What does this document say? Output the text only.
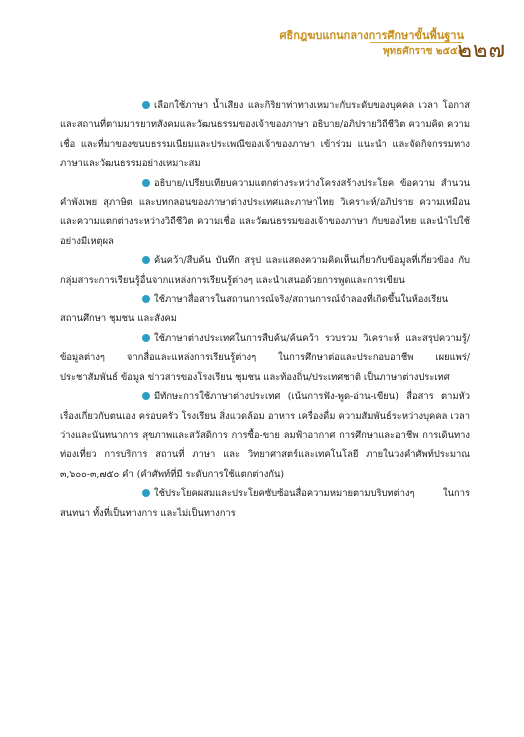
ศธิกฎฆบแกนกลางการศึกษาขั้นพื้นฐาน
พุทธศักราช ๒๕๕๑
๒๒๗

เลือกใช้ภาษา น้ำเสียง และกิริยาท่าทางเหมาะกับระดับของบุคคล เวลา โอกาสและสถานที่ตามมารยาทสังคมและวัฒนธรรมของเจ้าของภาษา อธิบาย/อภิปรายวิถีชีวิต ความคิด ความเชื่อ และที่มาของขนบธรรมเนียมและประเพณีของเจ้าของภาษา เข้าร่วม แนะนำ และจัดกิจกรรมทางภาษาและวัฒนธรรมอย่างเหมาะสม

อธิบาย/เปรียบเทียบความแตกต่างระหว่างโครงสร้างประโยค ข้อความ สำนวน คำพังเพย สุภาษิต และบทกลอนของภาษาต่างประเทศและภาษาไทย วิเคราะห์/อภิปราย ความเหมือนและความแตกต่างระหว่างวิถีชีวิต ความเชื่อ และวัฒนธรรมของเจ้าของภาษา กับของไทย และนำไปใช้อย่างมีเหตุผล

ค้นคว้า/สืบค้น บันทึก สรุป และแสดงความคิดเห็นเกี่ยวกับข้อมูลที่เกี่ยวข้อง กับกลุ่มสาระการเรียนรู้อื่นจากแหล่งการเรียนรู้ต่างๆ และนำเสนอด้วยการพูดและการเขียน

ใช้ภาษาสื่อสารในสถานการณ์จริง/สถานการณ์จำลองที่เกิดขึ้นในห้องเรียน สถานศึกษา ชุมชน และสังคม

ใช้ภาษาต่างประเทศในการสืบค้น/ค้นคว้า รวบรวม วิเคราะห์ และสรุปความรู้/ ข้อมูลต่างๆ จากสื่อและแหล่งการเรียนรู้ต่างๆ ในการศึกษาต่อและประกอบอาชีพ เผยแพร่/ประชาสัมพันธ์ ข้อมูล ข่าวสารของโรงเรียน ชุมชน และท้องถิ่น/ประเทศชาติ เป็นภาษาต่างประเทศ

มีทักษะการใช้ภาษาต่างประเทศ (เน้นการฟัง-พูด-อ่าน-เขียน) สื่อสาร ตามหัวเรื่องเกี่ยวกับตนเอง ครอบครัว โรงเรียน สิ่งแวดล้อม อาหาร เครื่องดื่ม ความสัมพันธ์ระหว่างบุคคล เวลาว่างและนันทนาการ สุขภาพและสวัสดิการ การซื้อ-ขาย ลมฟ้าอากาศ การศึกษาและอาชีพ การเดินทางท่องเที่ยว การบริการ สถานที่ ภาษา และ วิทยาศาสตร์และเทคโนโลยี ภายในวงคำศัพท์ประมาณ ๓,๖๐๐-๓,๗๕๐ คำ (คำศัพท์ที่มี ระดับการใช้แตกต่างกัน)

ใช้ประโยคผสมและประโยคซับซ้อนสื่อความหมายตามบริบทต่างๆ ในการสนทนา ทั้งที่เป็นทางการ และไม่เป็นทางการ
